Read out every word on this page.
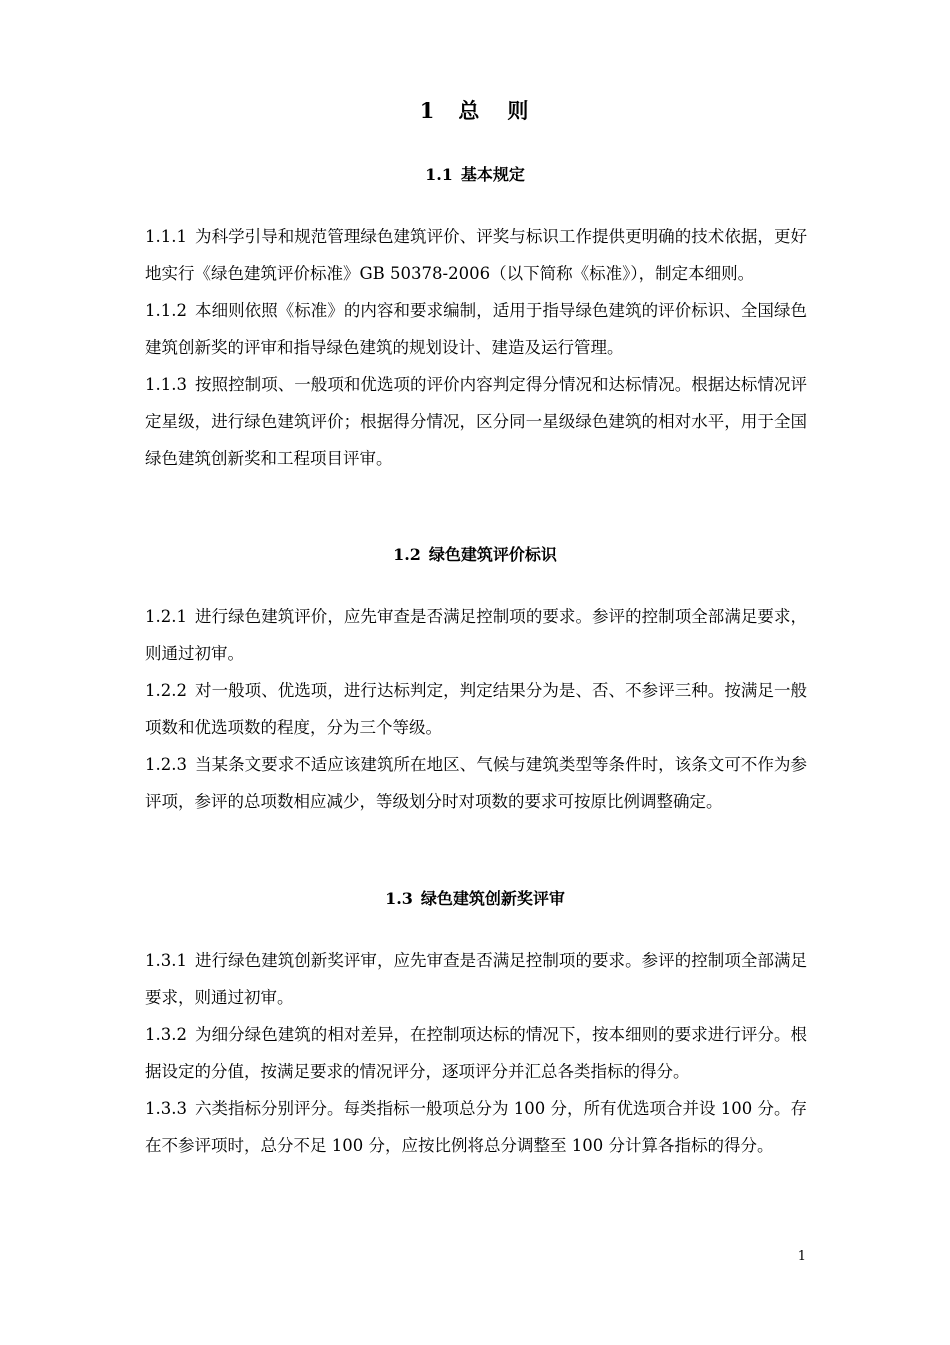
1 总 则
1.1 基本规定

1.1.1 为科学引导和规范管理绿色建筑评价、评奖与标识工作提供更明确的技术依据，更好地实行《绿色建筑评价标准》GB 50378-2006（以下简称《标准》），制定本细则。

1.1.2 本细则依照《标准》的内容和要求编制，适用于指导绿色建筑的评价标识、全国绿色建筑创新奖的评审和指导绿色建筑的规划设计、建造及运行管理。

1.1.3 按照控制项、一般项和优选项的评价内容判定得分情况和达标情况。根据达标情况评定星级，进行绿色建筑评价；根据得分情况，区分同一星级绿色建筑的相对水平，用于全国绿色建筑创新奖和工程项目评审。

1.2 绿色建筑评价标识

1.2.1 进行绿色建筑评价，应先审查是否满足控制项的要求。参评的控制项全部满足要求，则通过初审。

1.2.2 对一般项、优选项，进行达标判定，判定结果分为是、否、不参评三种。按满足一般项数和优选项数的程度，分为三个等级。

1.2.3 当某条文要求不适应该建筑所在地区、气候与建筑类型等条件时，该条文可不作为参评项，参评的总项数相应减少，等级划分时对项数的要求可按原比例调整确定。

1.3 绿色建筑创新奖评审

1.3.1 进行绿色建筑创新奖评审，应先审查是否满足控制项的要求。参评的控制项全部满足要求，则通过初审。

1.3.2 为细分绿色建筑的相对差异，在控制项达标的情况下，按本细则的要求进行评分。根据设定的分值，按满足要求的情况评分，逐项评分并汇总各类指标的得分。

1.3.3 六类指标分别评分。每类指标一般项总分为 100 分，所有优选项合并设 100 分。存在不参评项时，总分不足 100 分，应按比例将总分调整至 100 分计算各指标的得分。

1
